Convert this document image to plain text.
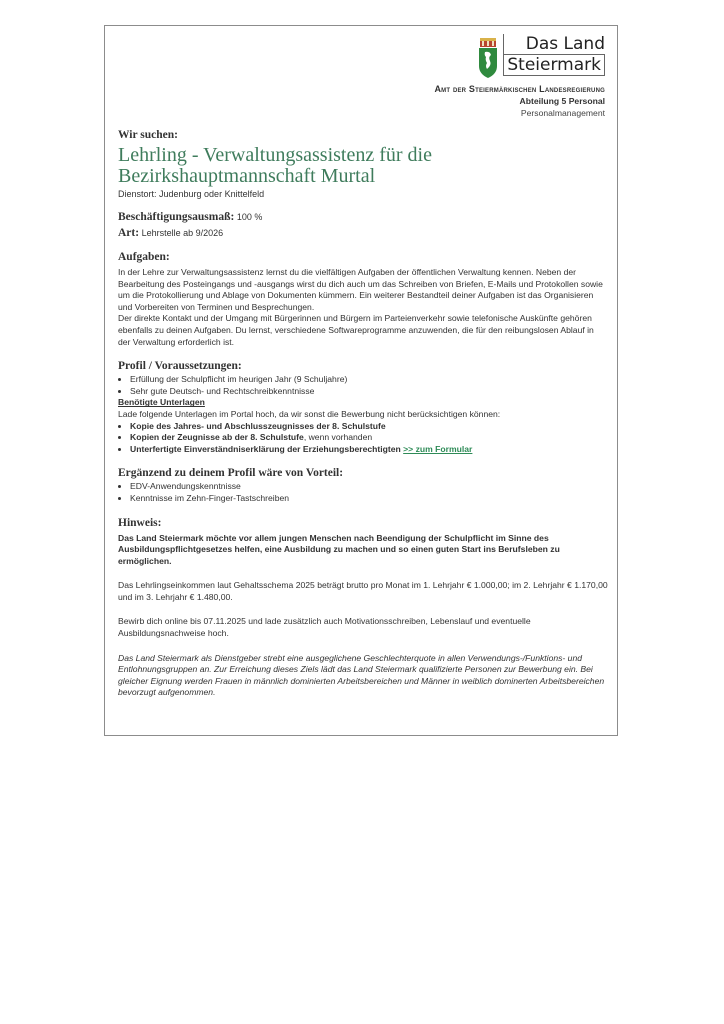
Das Land
Steiermark
Amt der Steiermärkischen Landesregierung
Abteilung 5 Personal
Personalmanagement
Wir suchen:
Lehrling - Verwaltungsassistenz für die
Bezirkshauptmannschaft Murtal
Dienstort: Judenburg oder Knittelfeld
Beschäftigungsausmaß: 100 %
Art: Lehrstelle ab 9/2026
Aufgaben:

In der Lehre zur Verwaltungsassistenz lernst du die vielfältigen Aufgaben der öffentlichen Verwaltung kennen. Neben der Bearbeitung des Posteingangs und -ausgangs wirst du dich auch um das Schreiben von Briefen, E-Mails und Protokollen sowie um die Protokollierung und Ablage von Dokumenten kümmern. Ein weiterer Bestandteil deiner Aufgaben ist das Organisieren und Vorbereiten von Terminen und Besprechungen.

Der direkte Kontakt und der Umgang mit Bürgerinnen und Bürgern im Parteienverkehr sowie telefonische Auskünfte gehören ebenfalls zu deinen Aufgaben. Du lernst, verschiedene Softwareprogramme anzuwenden, die für den reibungslosen Ablauf in der Verwaltung erforderlich ist.

Profil / Voraussetzungen:
• Erfüllung der Schulpflicht im heurigen Jahr (9 Schuljahre)
• Sehr gute Deutsch- und Rechtschreibkenntnisse
Benötigte Unterlagen
Lade folgende Unterlagen im Portal hoch, da wir sonst die Bewerbung nicht berücksichtigen können:
• Kopie des Jahres- und Abschlusszeugnisses der 8. Schulstufe
• Kopien der Zeugnisse ab der 8. Schulstufe, wenn vorhanden
• Unterfertigte Einverständniserklärung der Erziehungsberechtigten >> zum Formular
Ergänzend zu deinem Profil wäre von Vorteil:
• EDV-Anwendungskenntnisse
• Kenntnisse im Zehn-Finger-Tastschreiben
Hinweis:

Das Land Steiermark möchte vor allem jungen Menschen nach Beendigung der Schulpflicht im Sinne des Ausbildungspflichtgesetzes helfen, eine Ausbildung zu machen und so einen guten Start ins Berufsleben zu ermöglichen.

Das Lehrlingseinkommen laut Gehaltsschema 2025 beträgt brutto pro Monat im 1. Lehrjahr € 1.000,00; im 2. Lehrjahr € 1.170,00 und im 3. Lehrjahr € 1.480,00.

Bewirb dich online bis 07.11.2025 und lade zusätzlich auch Motivationsschreiben, Lebenslauf und eventuelle Ausbildungsnachweise hoch.

Das Land Steiermark als Dienstgeber strebt eine ausgeglichene Geschlechterquote in allen Verwendungs-/Funktions- und Entlohnungsgruppen an. Zur Erreichung dieses Ziels lädt das Land Steiermark qualifizierte Personen zur Bewerbung ein. Bei gleicher Eignung werden Frauen in männlich dominierten Arbeitsbereichen und Männer in weiblich dominerten Arbeitsbereichen bevorzugt aufgenommen.
